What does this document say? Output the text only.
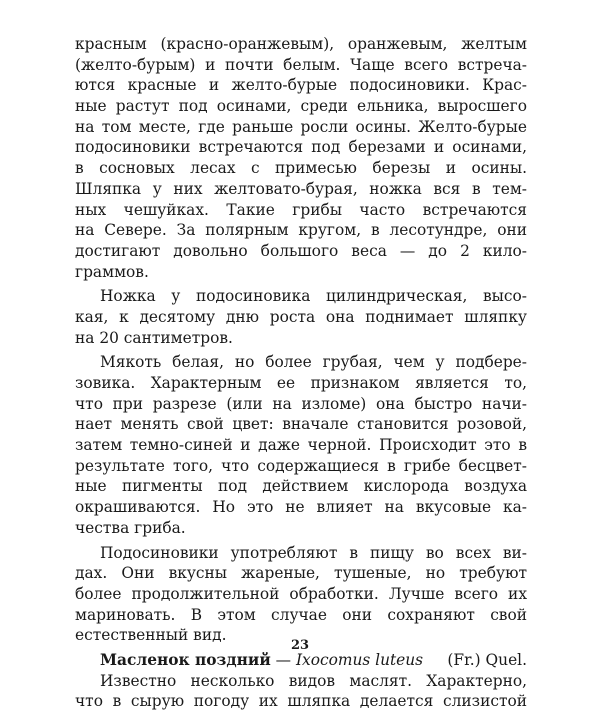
красным (красно-оранжевым), оранжевым, желтым
(желто-бурым) и почти белым. Чаще всего встреча-
ются красные и желто-бурые подосиновики. Крас-
ные растут под осинами, среди ельника, выросшего
на том месте, где раньше росли осины. Желто-бурые
подосиновики встречаются под березами и осинами,
в сосновых лесах с примесью березы и осины.
Шляпка у них желтовато-бурая, ножка вся в тем-
ных чешуйках. Такие грибы часто встречаются
на Севере. За полярным кругом, в лесотундре, они
достигают довольно большого веса — до 2 кило-
граммов.
Ножка у подосиновика цилиндрическая, высо-
кая, к десятому дню роста она поднимает шляпку
на 20 сантиметров.
Мякоть белая, но более грубая, чем у подбере-
зовика. Характерным ее признаком является то,
что при разрезе (или на изломе) она быстро начи-
нает менять свой цвет: вначале становится розовой,
затем темно-синей и даже черной. Происходит это в
результате того, что содержащиеся в грибе бесцвет-
ные пигменты под действием кислорода воздуха
окрашиваются. Но это не влияет на вкусовые ка-
чества гриба.
Подосиновики употребляют в пищу во всех ви-
дах. Они вкусны жареные, тушеные, но требуют
более продолжительной обработки. Лучше всего их
мариновать. В этом случае они сохраняют свой
естественный вид.
Масленок поздний — Ixocomus luteus (Fr.) Quel.
Известно несколько видов маслят. Характерно,
что в сырую погоду их шляпка делается слизистой
23
